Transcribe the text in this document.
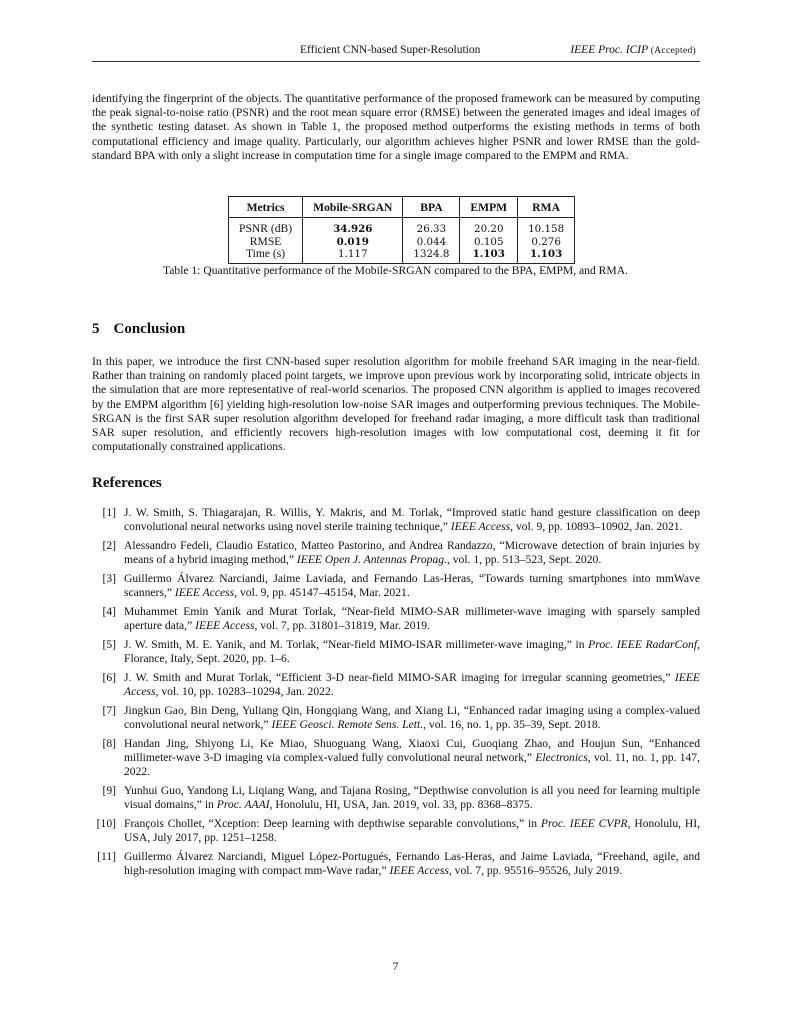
Efficient CNN-based Super-Resolution	IEEE Proc. ICIP (Accepted)

identifying the fingerprint of the objects. The quantitative performance of the proposed framework can be measured by computing the peak signal-to-noise ratio (PSNR) and the root mean square error (RMSE) between the generated images and ideal images of the synthetic testing dataset. As shown in Table 1, the proposed method outperforms the existing methods in terms of both computational efficiency and image quality. Particularly, our algorithm achieves higher PSNR and lower RMSE than the gold-standard BPA with only a slight increase in computation time for a single image compared to the EMPM and RMA.

Metrics	Mobile-SRGAN	BPA	EMPM	RMA
PSNR (dB)	34.926	26.33	20.20	10.158
RMSE	0.019	0.044	0.105	0.276
Time (s)	1.117	1324.8	1.103	1.103
Table 1: Quantitative performance of the Mobile-SRGAN compared to the BPA, EMPM, and RMA.
5 Conclusion

In this paper, we introduce the first CNN-based super resolution algorithm for mobile freehand SAR imaging in the near-field. Rather than training on randomly placed point targets, we improve upon previous work by incorporating solid, intricate objects in the simulation that are more representative of real-world scenarios. The proposed CNN algorithm is applied to images recovered by the EMPM algorithm [6] yielding high-resolution low-noise SAR images and outperforming previous techniques. The Mobile-SRGAN is the first SAR super resolution algorithm developed for freehand radar imaging, a more difficult task than traditional SAR super resolution, and efficiently recovers high-resolution images with low computational cost, deeming it fit for computationally constrained applications.

References
[1] J. W. Smith, S. Thiagarajan, R. Willis, Y. Makris, and M. Torlak, “Improved static hand gesture classification on deep convolutional neural networks using novel sterile training technique,” IEEE Access, vol. 9, pp. 10893–10902, Jan. 2021.
[2] Alessandro Fedeli, Claudio Estatico, Matteo Pastorino, and Andrea Randazzo, “Microwave detection of brain injuries by means of a hybrid imaging method,” IEEE Open J. Antennas Propag., vol. 1, pp. 513–523, Sept. 2020.
[3] Guillermo Álvarez Narciandi, Jaime Laviada, and Fernando Las-Heras, “Towards turning smartphones into mmWave scanners,” IEEE Access, vol. 9, pp. 45147–45154, Mar. 2021.
[4] Muhammet Emin Yanik and Murat Torlak, “Near-field MIMO-SAR millimeter-wave imaging with sparsely sampled aperture data,” IEEE Access, vol. 7, pp. 31801–31819, Mar. 2019.
[5] J. W. Smith, M. E. Yanik, and M. Torlak, “Near-field MIMO-ISAR millimeter-wave imaging,” in Proc. IEEE RadarConf, Florance, Italy, Sept. 2020, pp. 1–6.
[6] J. W. Smith and Murat Torlak, “Efficient 3-D near-field MIMO-SAR imaging for irregular scanning geometries,” IEEE Access, vol. 10, pp. 10283–10294, Jan. 2022.
[7] Jingkun Gao, Bin Deng, Yuliang Qin, Hongqiang Wang, and Xiang Li, “Enhanced radar imaging using a complex-valued convolutional neural network,” IEEE Geosci. Remote Sens. Lett., vol. 16, no. 1, pp. 35–39, Sept. 2018.
[8] Handan Jing, Shiyong Li, Ke Miao, Shuoguang Wang, Xiaoxi Cui, Guoqiang Zhao, and Houjun Sun, “Enhanced millimeter-wave 3-D imaging via complex-valued fully convolutional neural network,” Electronics, vol. 11, no. 1, pp. 147, 2022.
[9] Yunhui Guo, Yandong Li, Liqiang Wang, and Tajana Rosing, “Depthwise convolution is all you need for learning multiple visual domains,” in Proc. AAAI, Honolulu, HI, USA, Jan. 2019, vol. 33, pp. 8368–8375.
[10] François Chollet, “Xception: Deep learning with depthwise separable convolutions,” in Proc. IEEE CVPR, Honolulu, HI, USA, July 2017, pp. 1251–1258.
[11] Guillermo Álvarez Narciandi, Miguel López-Portugués, Fernando Las-Heras, and Jaime Laviada, “Freehand, agile, and high-resolution imaging with compact mm-Wave radar,” IEEE Access, vol. 7, pp. 95516–95526, July 2019.
7
